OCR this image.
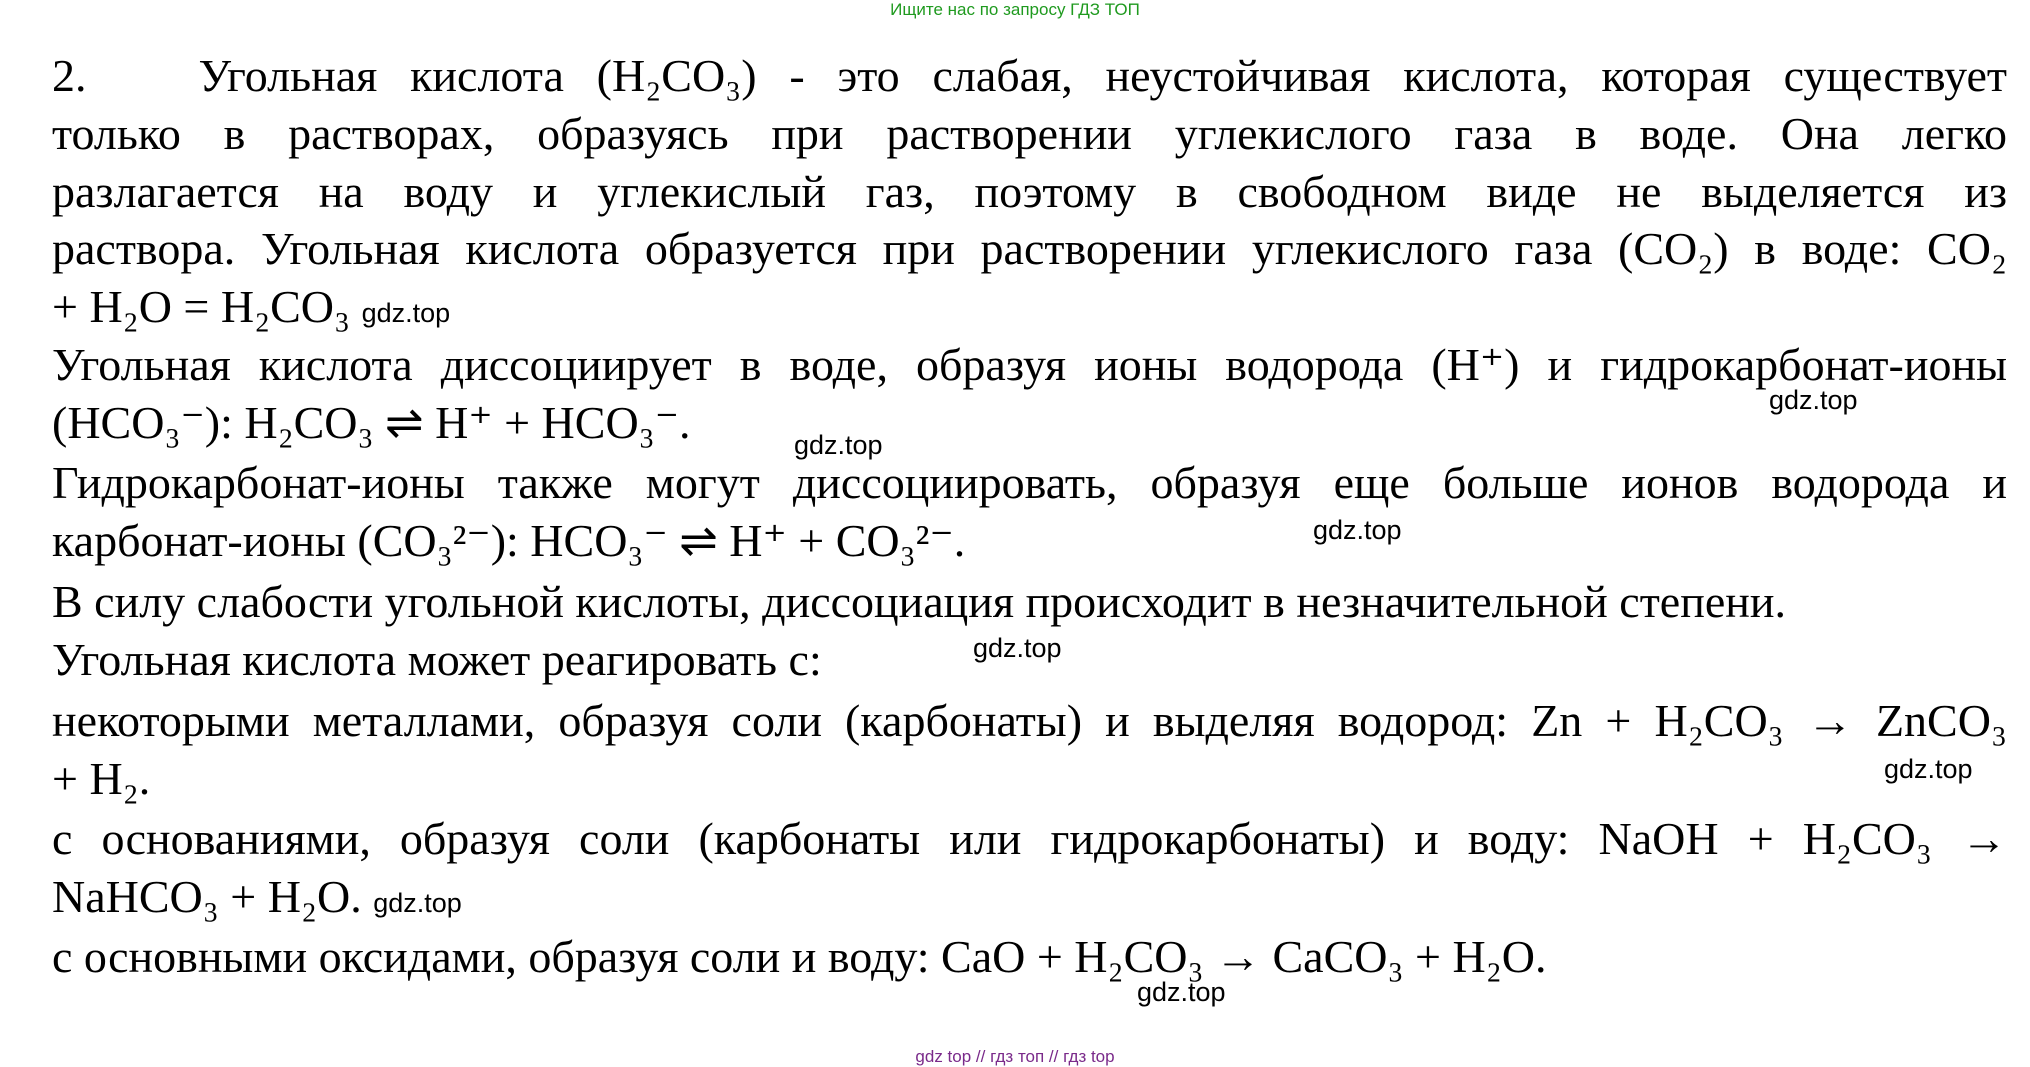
Ищите нас по запросу ГДЗ ТОП
2. Угольная кислота (H₂CO₃) - это слабая, неустойчивая кислота, которая существует
только в растворах, образуясь при растворении углекислого газа в воде. Она легко
разлагается на воду и углекислый газ, поэтому в свободном виде не выделяется из
раствора. Угольная кислота образуется при растворении углекислого газа (CO₂) в воде: CO₂
+ H₂O = H₂CO₃ gdz.top
Угольная кислота диссоциирует в воде, образуя ионы водорода (H⁺) и гидрокарбонат-ионы
gdz.top
(HCO₃⁻): H₂CO₃ ⇌ H⁺ + HCO₃⁻.	gdz.top
Гидрокарбонат-ионы также могут диссоциировать, образуя еще больше ионов водорода и
gdz.top
карбонат-ионы (CO₃²⁻): HCO₃⁻ ⇌ H⁺ + CO₃²⁻.
В силу слабости угольной кислоты, диссоциация происходит в незначительной степени.
gdz.top
Угольная кислота может реагировать с:
некоторыми металлами, образуя соли (карбонаты) и выделяя водород: Zn + H₂CO₃ → ZnCO₃
gdz.top
+ H₂.
с основаниями, образуя соли (карбонаты или гидрокарбонаты) и воду: NaOH + H₂CO₃ →
NaHCO₃ + H₂O. gdz.top
с основными оксидами, образуя соли и воду: CaO + H₂CO₃ → CaCO₃ + H₂O.
gdz.top
gdz top // гдз топ // гдз top
